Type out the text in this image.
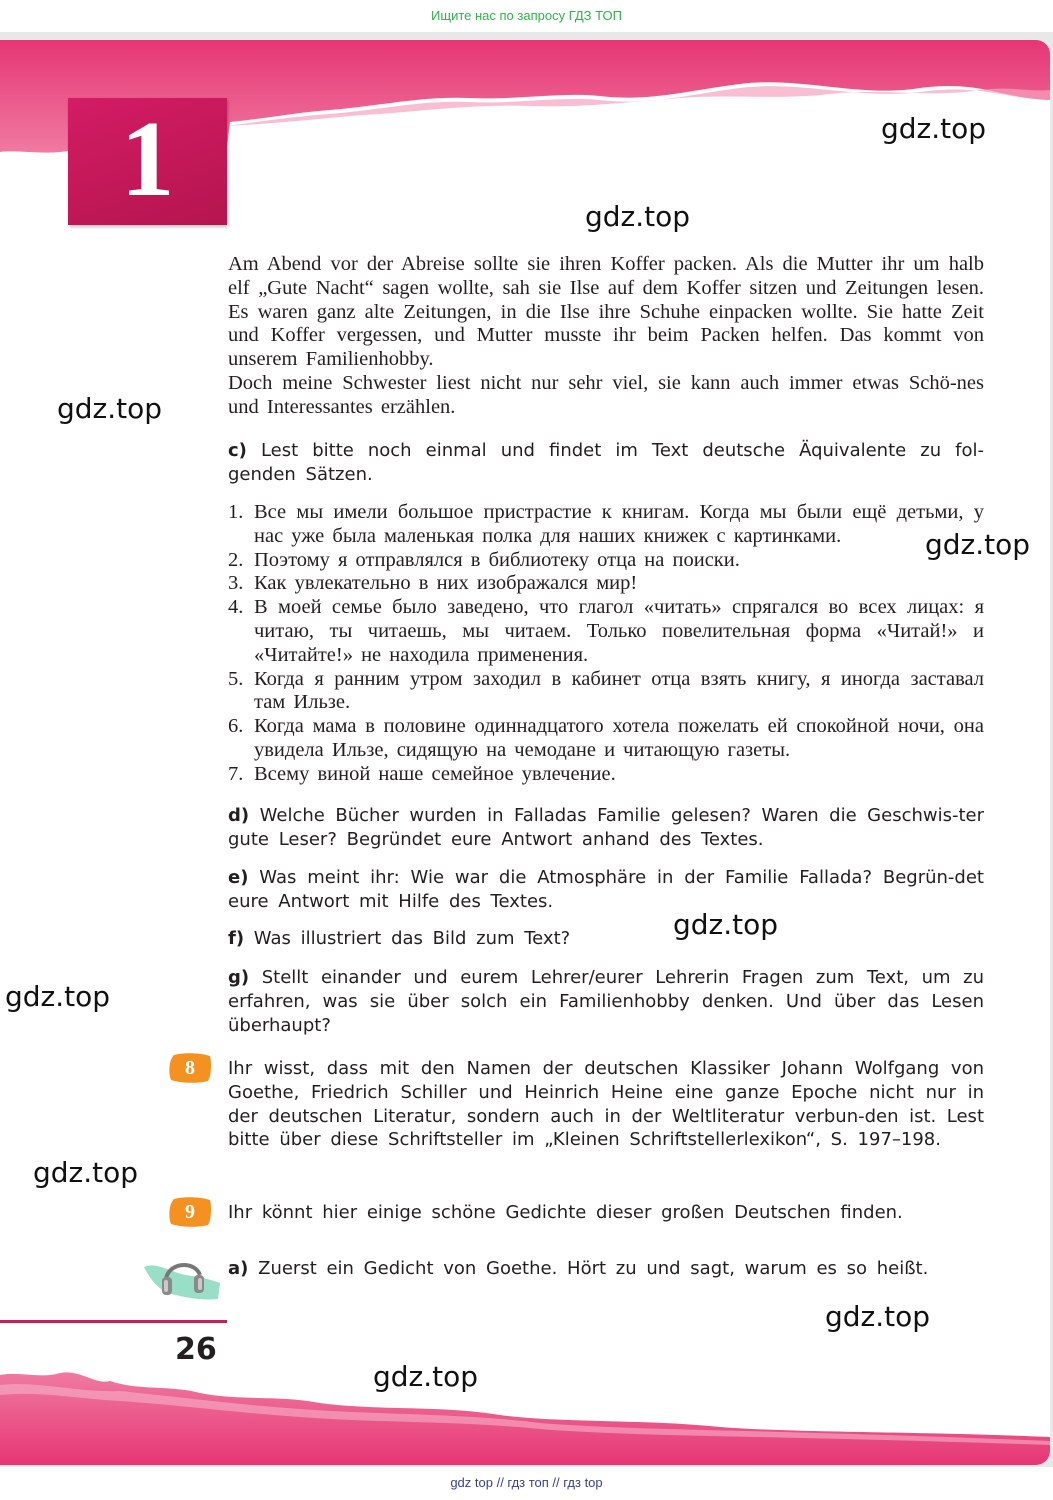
Ищите нас по запросу ГДЗ ТОП
1	gdz.top
gdz.top
gdz.top
gdz.top
gdz.top
gdz.top
gdz.top
gdz.top
gdz.top

Am Abend vor der Abreise sollte sie ihren Koffer packen. Als die Mutter ihr um halb elf „Gute Nacht“ sagen wollte, sah sie Ilse auf dem Koffer sitzen und Zeitungen lesen. Es waren ganz alte Zeitungen, in die Ilse ihre Schuhe einpacken wollte. Sie hatte Zeit und Koffer vergessen, und Mutter musste ihr beim Packen helfen. Das kommt von unserem Familienhobby.

Doch meine Schwester liest nicht nur sehr viel, sie kann auch immer etwas Schö-nes und Interessantes erzählen.

c) Lest bitte noch einmal und findet im Text deutsche Äquivalente zu fol-genden Sätzen.
1. Все мы имели большое пристрастие к книгам. Когда мы были ещё детьми, у нас уже была маленькая полка для наших книжек с картинками.
2. Поэтому я отправлялся в библиотеку отца на поиски.
3. Как увлекательно в них изображался мир!
4. В моей семье было заведено, что глагол «читать» спрягался во всех лицах: я читаю, ты читаешь, мы читаем. Только повелительная форма «Читай!» и «Читайте!» не находила применения.
5. Когда я ранним утром заходил в кабинет отца взять книгу, я иногда заставал там Ильзе.
6. Когда мама в половине одиннадцатого хотела пожелать ей спокойной ночи, она увидела Ильзе, сидящую на чемодане и читающую газеты.
7. Всему виной наше семейное увлечение.
d) Welche Bücher wurden in Falladas Familie gelesen? Waren die Geschwis-ter gute Leser? Begründet eure Antwort anhand des Textes.
e) Was meint ihr: Wie war die Atmosphäre in der Familie Fallada? Begrün-det eure Antwort mit Hilfe des Textes.
f) Was illustriert das Bild zum Text?
g) Stellt einander und eurem Lehrer/eurer Lehrerin Fragen zum Text, um zu erfahren, was sie über solch ein Familienhobby denken. Und über das Lesen überhaupt?
8	Ihr wisst, dass mit den Namen der deutschen Klassiker Johann Wolfgang von Goethe, Friedrich Schiller und Heinrich Heine eine ganze Epoche nicht nur in der deutschen Literatur, sondern auch in der Weltliteratur verbun-den ist. Lest bitte über diese Schriftsteller im „Kleinen Schriftstellerlexikon“, S. 197–198.
9	Ihr könnt hier einige schöne Gedichte dieser großen Deutschen finden.
a) Zuerst ein Gedicht von Goethe. Hört zu und sagt, warum es so heißt.
26
gdz top // гдз топ // гдз top
